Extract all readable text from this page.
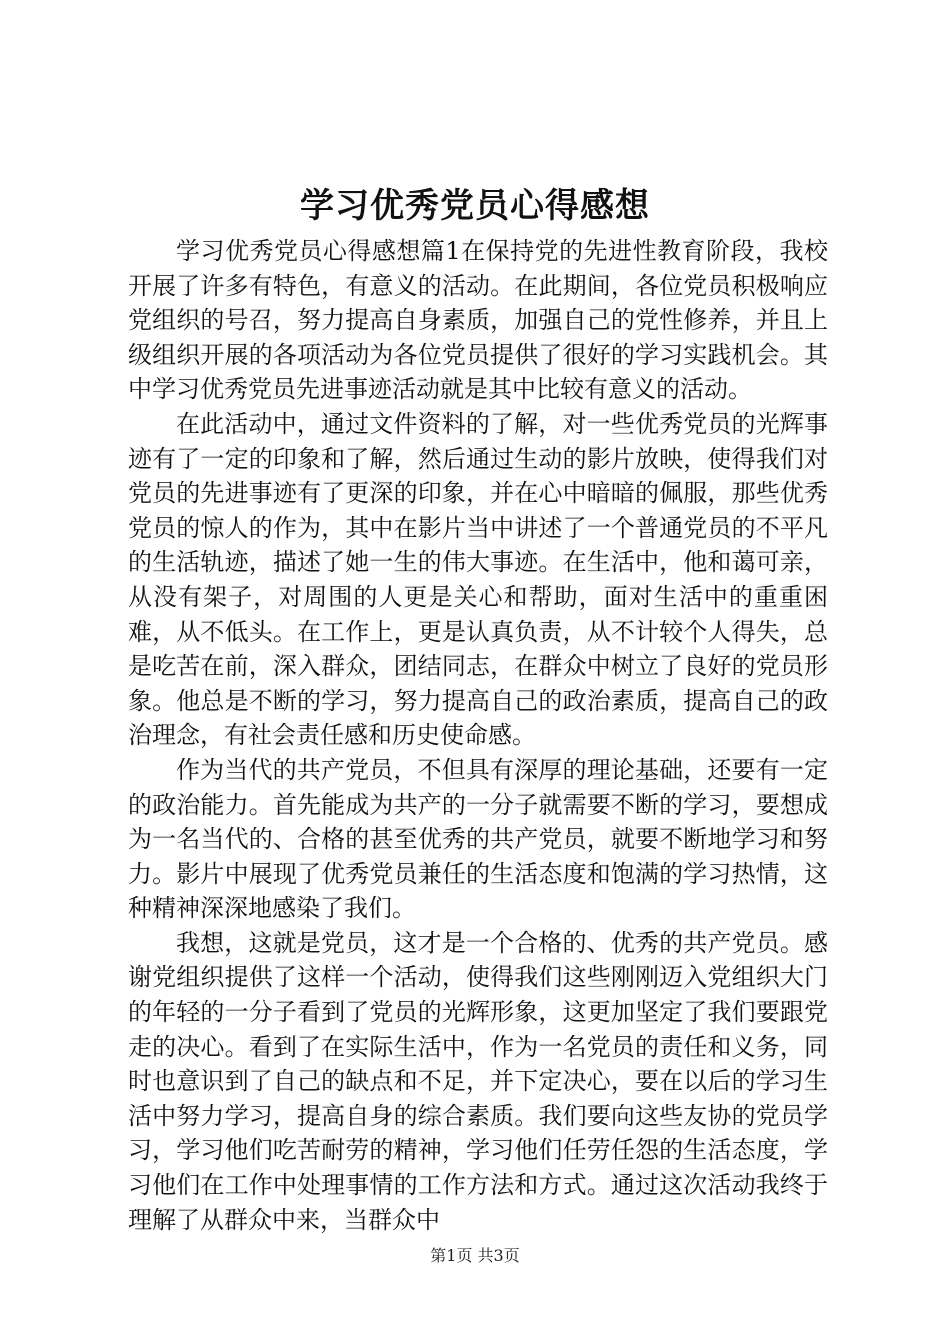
学习优秀党员心得感想

学习优秀党员心得感想篇1在保持党的先进性教育阶段，我校开展了许多有特色，有意义的活动。在此期间，各位党员积极响应党组织的号召，努力提高自身素质，加强自己的党性修养，并且上级组织开展的各项活动为各位党员提供了很好的学习实践机会。其中学习优秀党员先进事迹活动就是其中比较有意义的活动。

在此活动中，通过文件资料的了解，对一些优秀党员的光辉事迹有了一定的印象和了解，然后通过生动的影片放映，使得我们对党员的先进事迹有了更深的印象，并在心中暗暗的佩服，那些优秀党员的惊人的作为，其中在影片当中讲述了一个普通党员的不平凡的生活轨迹，描述了她一生的伟大事迹。在生活中，他和蔼可亲，从没有架子，对周围的人更是关心和帮助，面对生活中的重重困难，从不低头。在工作上，更是认真负责，从不计较个人得失，总是吃苦在前，深入群众，团结同志，在群众中树立了良好的党员形象。他总是不断的学习，努力提高自己的政治素质，提高自己的政治理念，有社会责任感和历史使命感。

作为当代的共产党员，不但具有深厚的理论基础，还要有一定的政治能力。首先能成为共产的一分子就需要不断的学习，要想成为一名当代的、合格的甚至优秀的共产党员，就要不断地学习和努力。影片中展现了优秀党员兼任的生活态度和饱满的学习热情，这种精神深深地感染了我们。

我想，这就是党员，这才是一个合格的、优秀的共产党员。感谢党组织提供了这样一个活动，使得我们这些刚刚迈入党组织大门的年轻的一分子看到了党员的光辉形象，这更加坚定了我们要跟党走的决心。看到了在实际生活中，作为一名党员的责任和义务，同时也意识到了自己的缺点和不足，并下定决心，要在以后的学习生活中努力学习，提高自身的综合素质。我们要向这些友协的党员学习，学习他们吃苦耐劳的精神，学习他们任劳任怨的生活态度，学习他们在工作中处理事情的工作方法和方式。通过这次活动我终于理解了从群众中来，当群众中

第1页 共3页
